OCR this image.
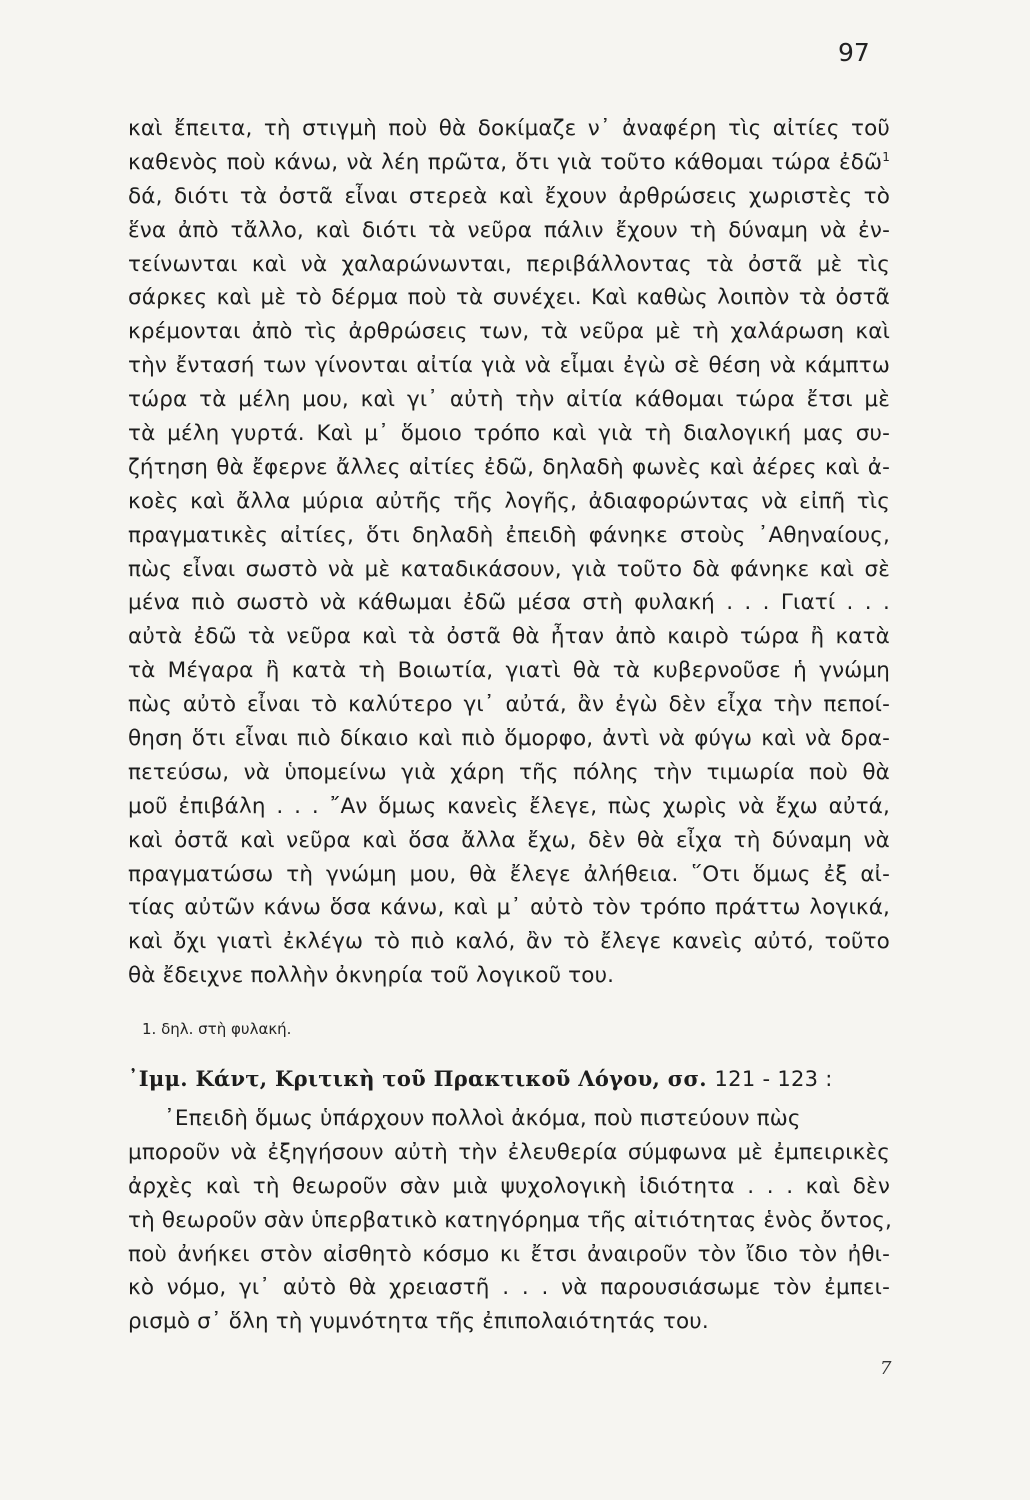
97
καὶ ἔπειτα, τὴ στιγμὴ ποὺ θὰ δοκίμαζε ν᾽ ἀναφέρη τὶς αἰτίες τοῦ
καθενὸς ποὺ κάνω, νὰ λέη πρῶτα, ὅτι γιὰ τοῦτο κάθομαι τώρα ἐδῶ$^1$
δά, διότι τὰ ὀστᾶ εἶναι στερεὰ καὶ ἔχουν ἀρθρώσεις χωριστὲς τὸ
ἕνα ἀπὸ τἄλλο, καὶ διότι τὰ νεῦρα πάλιν ἔχουν τὴ δύναμη νὰ ἐν-
τείνωνται καὶ νὰ χαλαρώνωνται, περιβάλλοντας τὰ ὀστᾶ μὲ τὶς
σάρκες καὶ μὲ τὸ δέρμα ποὺ τὰ συνέχει. Καὶ καθὼς λοιπὸν τὰ ὀστᾶ
κρέμονται ἀπὸ τὶς ἀρθρώσεις των, τὰ νεῦρα μὲ τὴ χαλάρωση καὶ
τὴν ἔντασή των γίνονται αἰτία γιὰ νὰ εἶμαι ἐγὼ σὲ θέση νὰ κάμπτω
τώρα τὰ μέλη μου, καὶ γι᾽ αὐτὴ τὴν αἰτία κάθομαι τώρα ἔτσι μὲ
τὰ μέλη γυρτά. Καὶ μ᾽ ὅμοιο τρόπο καὶ γιὰ τὴ διαλογική μας συ-
ζήτηση θὰ ἔφερνε ἄλλες αἰτίες ἐδῶ, δηλαδὴ φωνὲς καὶ ἀέρες καὶ ἀ-
κοὲς καὶ ἄλλα μύρια αὐτῆς τῆς λογῆς, ἀδιαφορώντας νὰ εἰπῆ τὶς
πραγματικὲς αἰτίες, ὅτι δηλαδὴ ἐπειδὴ φάνηκε στοὺς ᾽Αθηναίους,
πὼς εἶναι σωστὸ νὰ μὲ καταδικάσουν, γιὰ τοῦτο δὰ φάνηκε καὶ σὲ
μένα πιὸ σωστὸ νὰ κάθωμαι ἐδῶ μέσα στὴ φυλακή . . . Γιατί . . .
αὐτὰ ἐδῶ τὰ νεῦρα καὶ τὰ ὀστᾶ θὰ ἦταν ἀπὸ καιρὸ τώρα ἢ κατὰ
τὰ Μέγαρα ἢ κατὰ τὴ Βοιωτία, γιατὶ θὰ τὰ κυβερνοῦσε ἡ γνώμη
πὼς αὐτὸ εἶναι τὸ καλύτερο γι᾽ αὐτά, ἂν ἐγὼ δὲν εἶχα τὴν πεποί-
θηση ὅτι εἶναι πιὸ δίκαιο καὶ πιὸ ὅμορφο, ἀντὶ νὰ φύγω καὶ νὰ δρα-
πετεύσω, νὰ ὑπομείνω γιὰ χάρη τῆς πόλης τὴν τιμωρία ποὺ θὰ
μοῦ ἐπιβάλη . . . ῎Αν ὅμως κανεὶς ἔλεγε, πὼς χωρὶς νὰ ἔχω αὐτά,
καὶ ὀστᾶ καὶ νεῦρα καὶ ὅσα ἄλλα ἔχω, δὲν θὰ εἶχα τὴ δύναμη νὰ
πραγματώσω τὴ γνώμη μου, θὰ ἔλεγε ἀλήθεια. ῞Οτι ὅμως ἐξ αἰ-
τίας αὐτῶν κάνω ὅσα κάνω, καὶ μ᾽ αὐτὸ τὸν τρόπο πράττω λογικά,
καὶ ὄχι γιατὶ ἐκλέγω τὸ πιὸ καλό, ἂν τὸ ἔλεγε κανεὶς αὐτό, τοῦτο
θὰ ἔδειχνε πολλὴν ὀκνηρία τοῦ λογικοῦ του.
1. δηλ. στὴ φυλακή.
᾽Ιμμ. Κάντ, Κριτικὴ τοῦ Πρακτικοῦ Λόγου, σσ. 121 - 123 :
᾽Επειδὴ ὅμως ὑπάρχουν πολλοὶ ἀκόμα, ποὺ πιστεύουν πὼς
μποροῦν νὰ ἐξηγήσουν αὐτὴ τὴν ἐλευθερία σύμφωνα μὲ ἐμπειρικὲς
ἀρχὲς καὶ τὴ θεωροῦν σὰν μιὰ ψυχολογικὴ ἰδιότητα . . . καὶ δὲν
τὴ θεωροῦν σὰν ὑπερβατικὸ κατηγόρημα τῆς αἰτιότητας ἑνὸς ὄντος,
ποὺ ἀνήκει στὸν αἰσθητὸ κόσμο κι ἔτσι ἀναιροῦν τὸν ἴδιο τὸν ἠθι-
κὸ νόμο, γι᾽ αὐτὸ θὰ χρειαστῆ . . . νὰ παρουσιάσωμε τὸν ἐμπει-
ρισμὸ σ᾽ ὅλη τὴ γυμνότητα τῆς ἐπιπολαιότητάς του.
7
